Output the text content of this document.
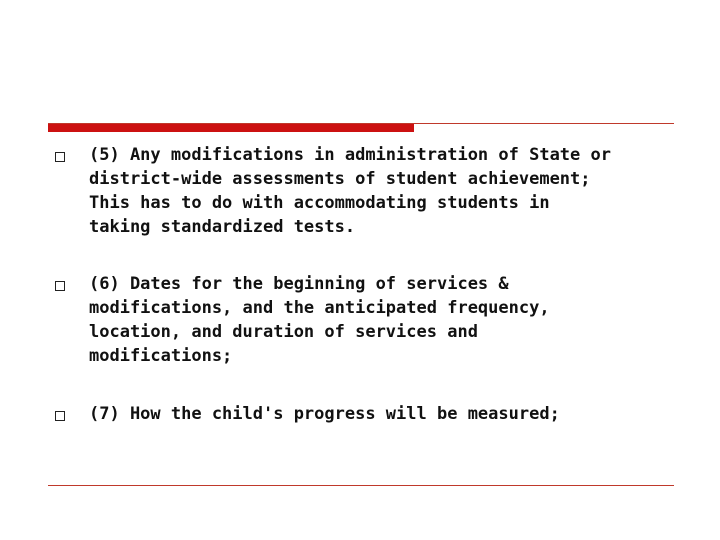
(5) Any modifications in administration of State or
district-wide assessments of student achievement;
This has to do with accommodating students in
taking standardized tests.
(6) Dates for the beginning of services &
modifications, and the anticipated frequency,
location, and duration of services and
modifications;
(7) How the child's progress will be measured;
